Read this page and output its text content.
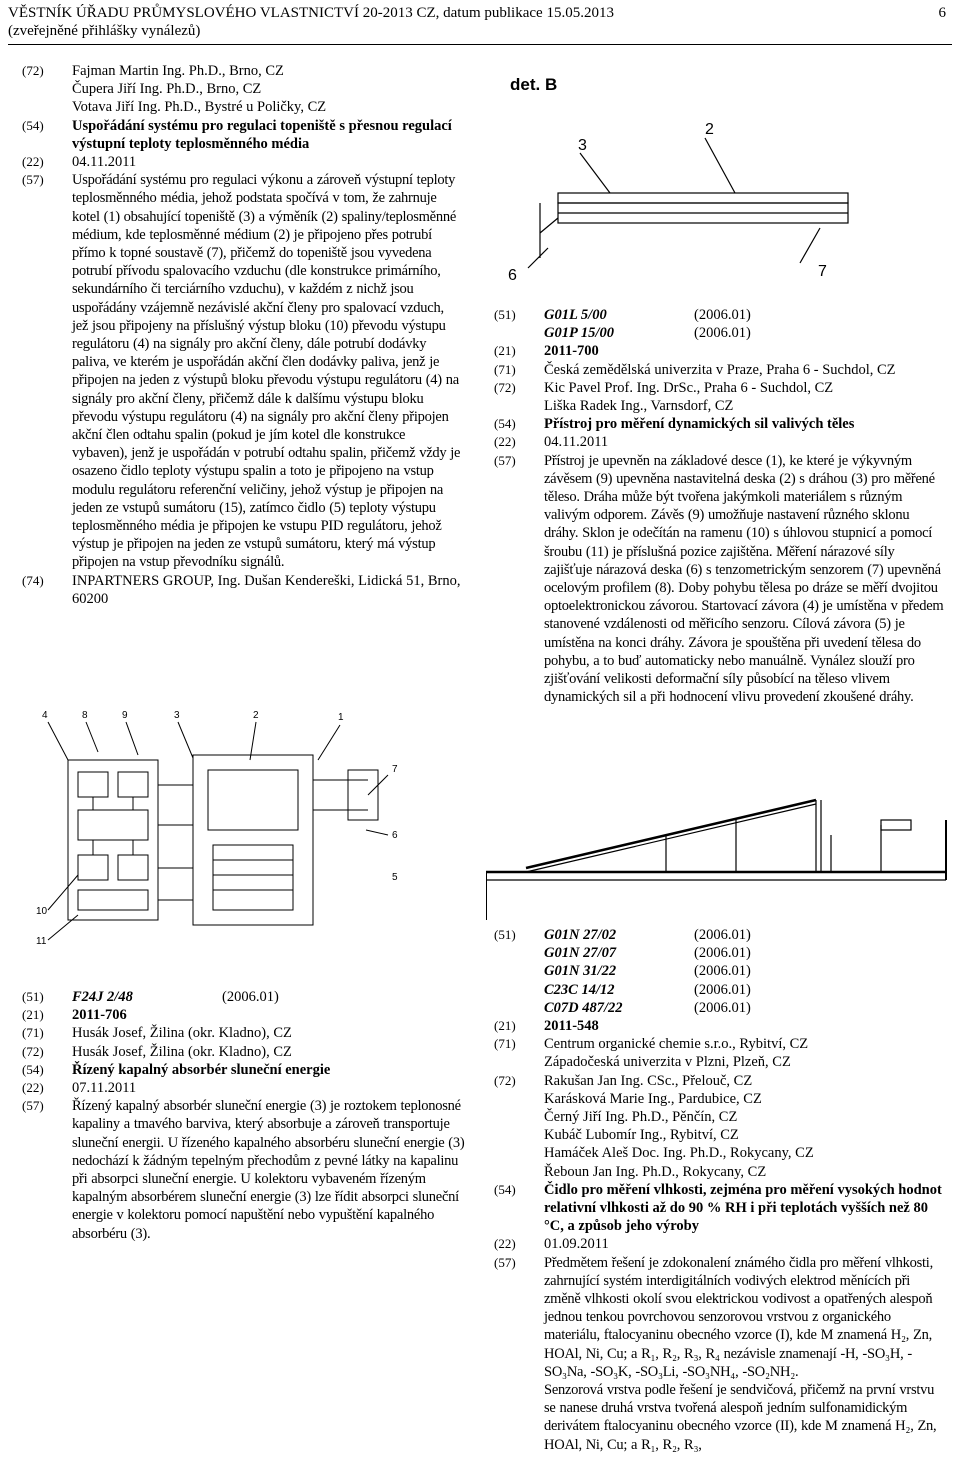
VĚSTNÍK ÚŘADU PRŮMYSLOVÉHO VLASTNICTVÍ 20-2013 CZ, datum publikace 15.05.2013
(zveřejněné přihlášky vynálezů)
6
(72)	Fajman Martin Ing. Ph.D., Brno, CZ
Čupera Jiří Ing. Ph.D., Brno, CZ
Votava Jiří Ing. Ph.D., Bystré u Poličky, CZ
(54)	Uspořádání systému pro regulaci topeniště s přesnou regulací výstupní teploty teplosměnného média
(22)	04.11.2011
(57)	Uspořádání systému pro regulaci výkonu a zároveň výstupní teploty teplosměnného média, jehož podstata spočívá v tom, že zahrnuje kotel (1) obsahující topeniště (3) a výměník (2) spaliny/teplosměnné médium, kde teplosměnné médium (2) je připojeno přes potrubí přímo k topné soustavě (7), přičemž do topeniště jsou vyvedena potrubí přívodu spalovacího vzduchu (dle konstrukce primárního, sekundárního či terciárního vzduchu), v každém z nichž jsou uspořádány vzájemně nezávislé akční členy pro spalovací vzduch, jež jsou připojeny na příslušný výstup bloku (10) převodu výstupu regulátoru (4) na signály pro akční členy, dále potrubí dodávky paliva, ve kterém je uspořádán akční člen dodávky paliva, jenž je připojen na jeden z výstupů bloku převodu výstupu regulátoru (4) na signály pro akční členy, přičemž dále k dalšímu výstupu bloku převodu výstupu regulátoru (4) na signály pro akční členy připojen akční člen odtahu spalin (pokud je jím kotel dle konstrukce vybaven), jenž je uspořádán v potrubí odtahu spalin, přičemž vždy je osazeno čidlo teploty výstupu spalin a toto je připojeno na vstup modulu regulátoru referenční veličiny, jehož výstup je připojen na jeden ze vstupů sumátoru (15), zatímco čidlo (5) teploty výstupu teplosměnného média je připojen ke vstupu PID regulátoru, jehož výstup je připojen na jeden ze vstupů sumátoru, který má výstup připojen na vstup převodníku signálů.
(74)	INPARTNERS GROUP, Ing. Dušan Kendereški, Lidická 51, Brno, 60200
4	8	9	3	2	1
7
6
5
10
11
(51)	F24J 2/48	(2006.01)
(21)	2011-706
(71)	Husák Josef, Žilina (okr. Kladno), CZ
(72)	Husák Josef, Žilina (okr. Kladno), CZ
(54)	Řízený kapalný absorbér sluneční energie
(22)	07.11.2011
(57)	Řízený kapalný absorbér sluneční energie (3) je roztokem teplonosné kapaliny a tmavého barviva, který absorbuje a zároveň transportuje sluneční energii. U řízeného kapalného absorbéru sluneční energie (3) nedochází k žádným tepelným přechodům z pevné látky na kapalinu při absorpci sluneční energie. U kolektoru vybaveném řízeným kapalným absorbérem sluneční energie (3) lze řídit absorpci sluneční energie v kolektoru pomocí napuštění nebo vypuštění kapalného absorbéru (3).
det. B
3
2
6	7
(51)	G01L 5/00	(2006.01)
G01P 15/00	(2006.01)
(21)	2011-700
(71)	Česká zemědělská univerzita v Praze, Praha 6 - Suchdol, CZ
(72)	Kic Pavel Prof. Ing. DrSc., Praha 6 - Suchdol, CZ
Liška Radek Ing., Varnsdorf, CZ
(54)	Přístroj pro měření dynamických sil valivých těles
(22)	04.11.2011
(57)	Přístroj je upevněn na základové desce (1), ke které je výkyvným závěsem (9) upevněna nastavitelná deska (2) s dráhou (3) pro měřené těleso. Dráha může být tvořena jakýmkoli materiálem s různým valivým odporem. Závěs (9) umožňuje nastavení různého sklonu dráhy. Sklon je odečítán na ramenu (10) s úhlovou stupnicí a pomocí šroubu (11) je příslušná pozice zajištěna. Měření nárazové síly zajišťuje nárazová deska (6) s tenzometrickým senzorem (7) upevněná ocelovým profilem (8). Doby pohybu tělesa po dráze se měří dvojitou optoelektronickou závorou. Startovací závora (4) je umístěna v předem stanovené vzdálenosti od měřicího senzoru. Cílová závora (5) je umístěna na konci dráhy. Závora je spouštěna při uvedení tělesa do pohybu, a to buď automaticky nebo manuálně. Vynález slouží pro zjišťování velikosti deformační síly působící na těleso vlivem dynamických sil a při hodnocení vlivu provedení zkoušené dráhy.
(51)	G01N 27/02	(2006.01)
G01N 27/07	(2006.01)
G01N 31/22	(2006.01)
C23C 14/12	(2006.01)
C07D 487/22	(2006.01)
(21)	2011-548
(71)	Centrum organické chemie s.r.o., Rybitví, CZ
Západočeská univerzita v Plzni, Plzeň, CZ
(72)	Rakušan Jan Ing. CSc., Přelouč, CZ
Karásková Marie Ing., Pardubice, CZ
Černý Jiří Ing. Ph.D., Pěnčín, CZ
Kubáč Lubomír Ing., Rybitví, CZ
Hamáček Aleš Doc. Ing. Ph.D., Rokycany, CZ
Řeboun Jan Ing. Ph.D., Rokycany, CZ
(54)	Čidlo pro měření vlhkosti, zejména pro měření vysokých hodnot relativní vlhkosti až do 90 % RH i při teplotách vyšších než 80 °C, a způsob jeho výroby
(22)	01.09.2011
(57)	Předmětem řešení je zdokonalení známého čidla pro měření vlhkosti, zahrnující systém interdigitálních vodivých elektrod měnících při změně vlhkosti okolí svou elektrickou vodivost a opatřených alespoň jednou tenkou povrchovou senzorovou vrstvou z organického materiálu, ftalocyaninu obecného vzorce (I), kde M znamená H₂, Zn, HOAl, Ni, Cu; a R₁, R₂, R₃, R₄ nezávisle znamenají -H, -SO₃H, -SO₃Na, -SO₃K, -SO₃Li, -SO₃NH₄, -SO₂NH₂.
Senzorová vrstva podle řešení je sendvičová, přičemž na první vrstvu se nanese druhá vrstva tvořená alespoň jedním sulfonamidickým derivátem ftalocyaninu obecného vzorce (II), kde M znamená H₂, Zn, HOAl, Ni, Cu; a R₁, R₂, R₃,
